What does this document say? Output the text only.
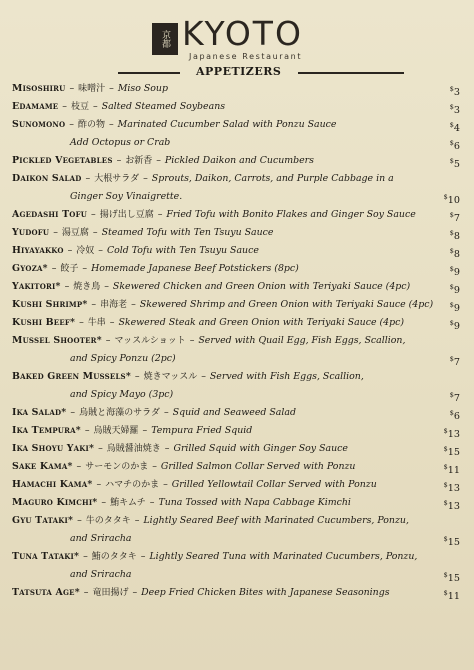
京都 KYOTO
Japanese Restaurant
APPETIZERS
Misoshiru – 味噌汁 – Miso Soup	$3
Edamame – 枝豆 – Salted Steamed Soybeans	$3
Sunomono – 酢の物 – Marinated Cucumber Salad with Ponzu Sauce	$4
Add Octopus or Crab	$6
Pickled Vegetables – お新香 – Pickled Daikon and Cucumbers	$5
Daikon Salad – 大根サラダ – Sprouts, Daikon, Carrots, and Purple Cabbage in a
Ginger Soy Vinaigrette.	$10
Agedashi Tofu – 揚げ出し豆腐 – Fried Tofu with Bonito Flakes and Ginger Soy Sauce	$7
Yudofu – 湯豆腐 – Steamed Tofu with Ten Tsuyu Sauce	$8
Hiyayakko – 冷奴 – Cold Tofu with Ten Tsuyu Sauce	$8
Gyoza* – 餃子 – Homemade Japanese Beef Potstickers (8pc)	$9
Yakitori* – 焼き鳥 – Skewered Chicken and Green Onion with Teriyaki Sauce (4pc)	$9
Kushi Shrimp* – 串海老 – Skewered Shrimp and Green Onion with Teriyaki Sauce (4pc)	$9
Kushi Beef* – 牛串 – Skewered Steak and Green Onion with Teriyaki Sauce (4pc)	$9
Mussel Shooter* – マッスルショット – Served with Quail Egg, Fish Eggs, Scallion,
and Spicy Ponzu (2pc)	$7
Baked Green Mussels* – 焼きマッスル – Served with Fish Eggs, Scallion,
and Spicy Mayo (3pc)	$7
Ika Salad* – 烏賊と海藻のサラダ – Squid and Seaweed Salad	$6
Ika Tempura* – 烏賊天婦羅 – Tempura Fried Squid	$13
Ika Shoyu Yaki* – 烏賊醤油焼き – Grilled Squid with Ginger Soy Sauce	$15
Sake Kama* – サーモンのかま – Grilled Salmon Collar Served with Ponzu	$11
Hamachi Kama* – ハマチのかま – Grilled Yellowtail Collar Served with Ponzu	$13
Maguro Kimchi* – 鮪キムチ – Tuna Tossed with Napa Cabbage Kimchi	$13
Gyu Tataki* – 牛のタタキ – Lightly Seared Beef with Marinated Cucumbers, Ponzu,
and Sriracha	$15
Tuna Tataki* – 鮪のタタキ – Lightly Seared Tuna with Marinated Cucumbers, Ponzu,
and Sriracha	$15
Tatsuta Age* – 竜田揚げ – Deep Fried Chicken Bites with Japanese Seasonings	$11
